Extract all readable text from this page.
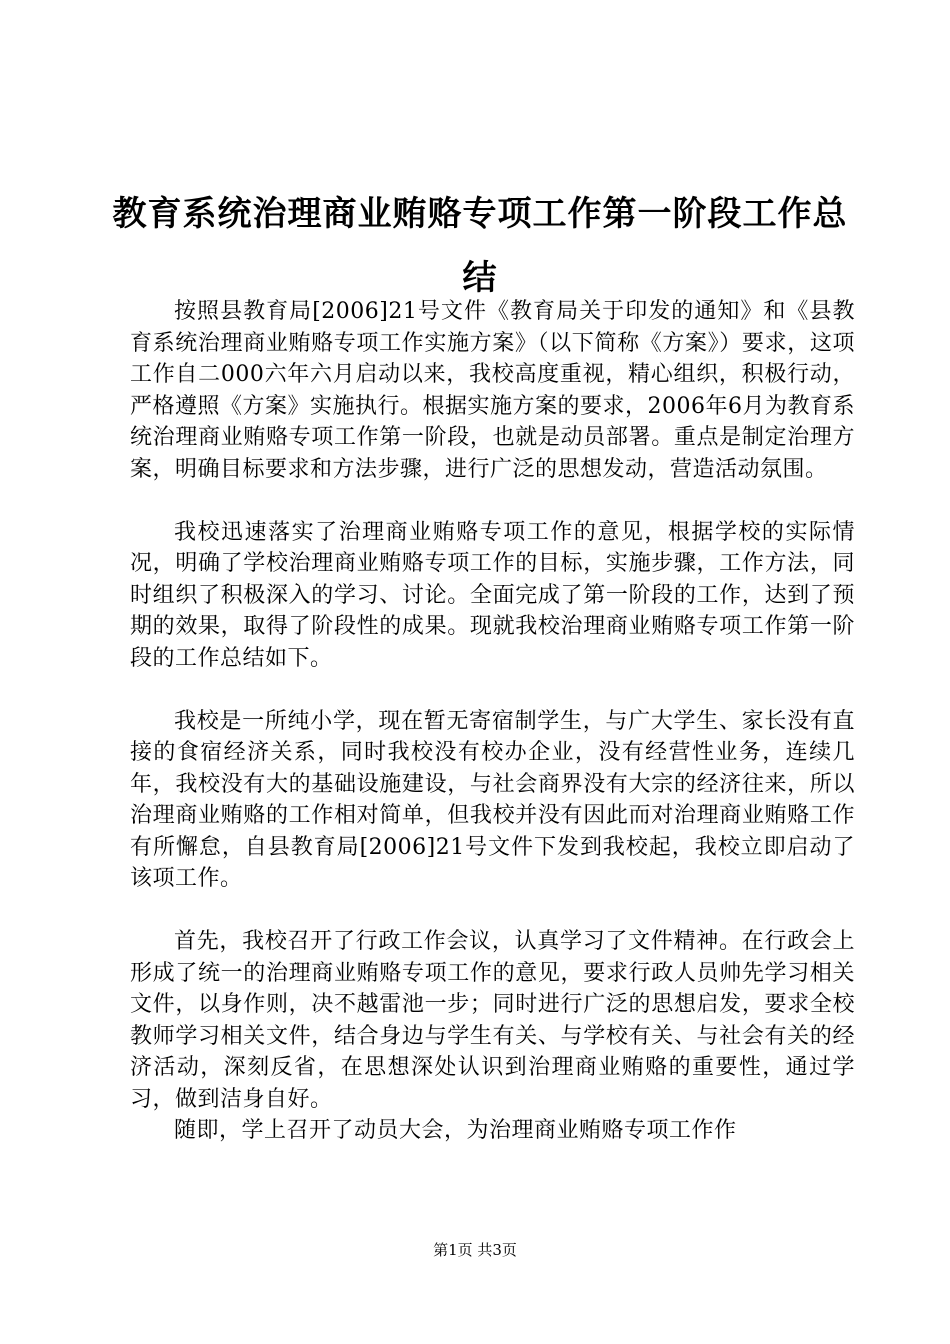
教育系统治理商业贿赂专项工作第一阶段工作总结

按照县教育局[2006]21号文件《教育局关于印发的通知》和《县教育系统治理商业贿赂专项工作实施方案》（以下简称《方案》）要求，这项工作自二000六年六月启动以来，我校高度重视，精心组织，积极行动，严格遵照《方案》实施执行。根据实施方案的要求，2006年6月为教育系统治理商业贿赂专项工作第一阶段，也就是动员部署。重点是制定治理方案，明确目标要求和方法步骤，进行广泛的思想发动，营造活动氛围。

我校迅速落实了治理商业贿赂专项工作的意见，根据学校的实际情况，明确了学校治理商业贿赂专项工作的目标，实施步骤，工作方法，同时组织了积极深入的学习、讨论。全面完成了第一阶段的工作，达到了预期的效果，取得了阶段性的成果。现就我校治理商业贿赂专项工作第一阶段的工作总结如下。

我校是一所纯小学，现在暂无寄宿制学生，与广大学生、家长没有直接的食宿经济关系，同时我校没有校办企业，没有经营性业务，连续几年，我校没有大的基础设施建设，与社会商界没有大宗的经济往来，所以治理商业贿赂的工作相对简单，但我校并没有因此而对治理商业贿赂工作有所懈怠，自县教育局[2006]21号文件下发到我校起，我校立即启动了该项工作。

首先，我校召开了行政工作会议，认真学习了文件精神。在行政会上形成了统一的治理商业贿赂专项工作的意见，要求行政人员帅先学习相关文件，以身作则，决不越雷池一步；同时进行广泛的思想启发，要求全校教师学习相关文件，结合身边与学生有关、与学校有关、与社会有关的经济活动，深刻反省，在思想深处认识到治理商业贿赂的重要性，通过学习，做到洁身自好。

随即，学上召开了动员大会，为治理商业贿赂专项工作作

第1页 共3页
